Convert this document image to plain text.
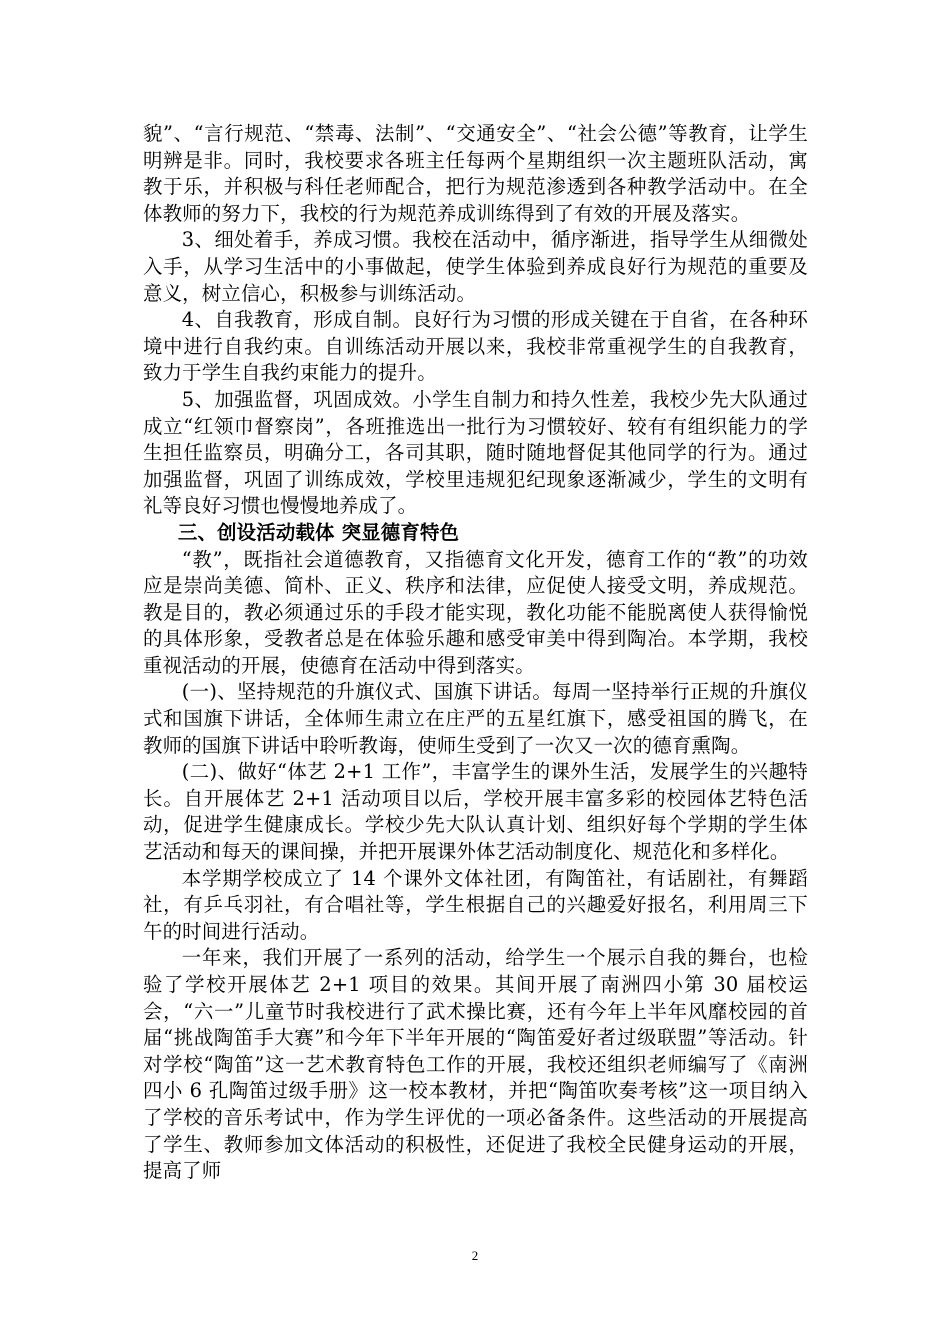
貌”、“言行规范、“禁毒、法制”、“交通安全”、“社会公德”等教育，让学生明辨是非。同时，我校要求各班主任每两个星期组织一次主题班队活动，寓教于乐，并积极与科任老师配合，把行为规范渗透到各种教学活动中。在全体教师的努力下，我校的行为规范养成训练得到了有效的开展及落实。

3、细处着手，养成习惯。我校在活动中，循序渐进，指导学生从细微处入手，从学习生活中的小事做起，使学生体验到养成良好行为规范的重要及意义，树立信心，积极参与训练活动。

4、自我教育，形成自制。良好行为习惯的形成关键在于自省，在各种环境中进行自我约束。自训练活动开展以来，我校非常重视学生的自我教育，致力于学生自我约束能力的提升。

5、加强监督，巩固成效。小学生自制力和持久性差，我校少先大队通过成立“红领巾督察岗”，各班推选出一批行为习惯较好、较有有组织能力的学生担任监察员，明确分工，各司其职，随时随地督促其他同学的行为。通过加强监督，巩固了训练成效，学校里违规犯纪现象逐渐减少，学生的文明有礼等良好习惯也慢慢地养成了。

三、创设活动载体 突显德育特色

“教”，既指社会道德教育，又指德育文化开发，德育工作的“教”的功效应是崇尚美德、简朴、正义、秩序和法律，应促使人接受文明，养成规范。教是目的，教必须通过乐的手段才能实现，教化功能不能脱离使人获得愉悦的具体形象，受教者总是在体验乐趣和感受审美中得到陶冶。本学期，我校重视活动的开展，使德育在活动中得到落实。

(一)、坚持规范的升旗仪式、国旗下讲话。每周一坚持举行正规的升旗仪式和国旗下讲话，全体师生肃立在庄严的五星红旗下，感受祖国的腾飞，在教师的国旗下讲话中聆听教诲，使师生受到了一次又一次的德育熏陶。

(二)、做好“体艺 2+1 工作”，丰富学生的课外生活，发展学生的兴趣特长。自开展体艺 2+1 活动项目以后，学校开展丰富多彩的校园体艺特色活动，促进学生健康成长。学校少先大队认真计划、组织好每个学期的学生体艺活动和每天的课间操，并把开展课外体艺活动制度化、规范化和多样化。

本学期学校成立了 14 个课外文体社团，有陶笛社，有话剧社，有舞蹈社，有乒乓羽社，有合唱社等，学生根据自己的兴趣爱好报名，利用周三下午的时间进行活动。

一年来，我们开展了一系列的活动，给学生一个展示自我的舞台，也检验了学校开展体艺 2+1 项目的效果。其间开展了南洲四小第 30 届校运会，“六一”儿童节时我校进行了武术操比赛，还有今年上半年风靡校园的首届“挑战陶笛手大赛”和今年下半年开展的“陶笛爱好者过级联盟”等活动。针对学校“陶笛”这一艺术教育特色工作的开展，我校还组织老师编写了《南洲四小 6 孔陶笛过级手册》这一校本教材，并把“陶笛吹奏考核”这一项目纳入了学校的音乐考试中，作为学生评优的一项必备条件。这些活动的开展提高了学生、教师参加文体活动的积极性，还促进了我校全民健身运动的开展，提高了师

2
